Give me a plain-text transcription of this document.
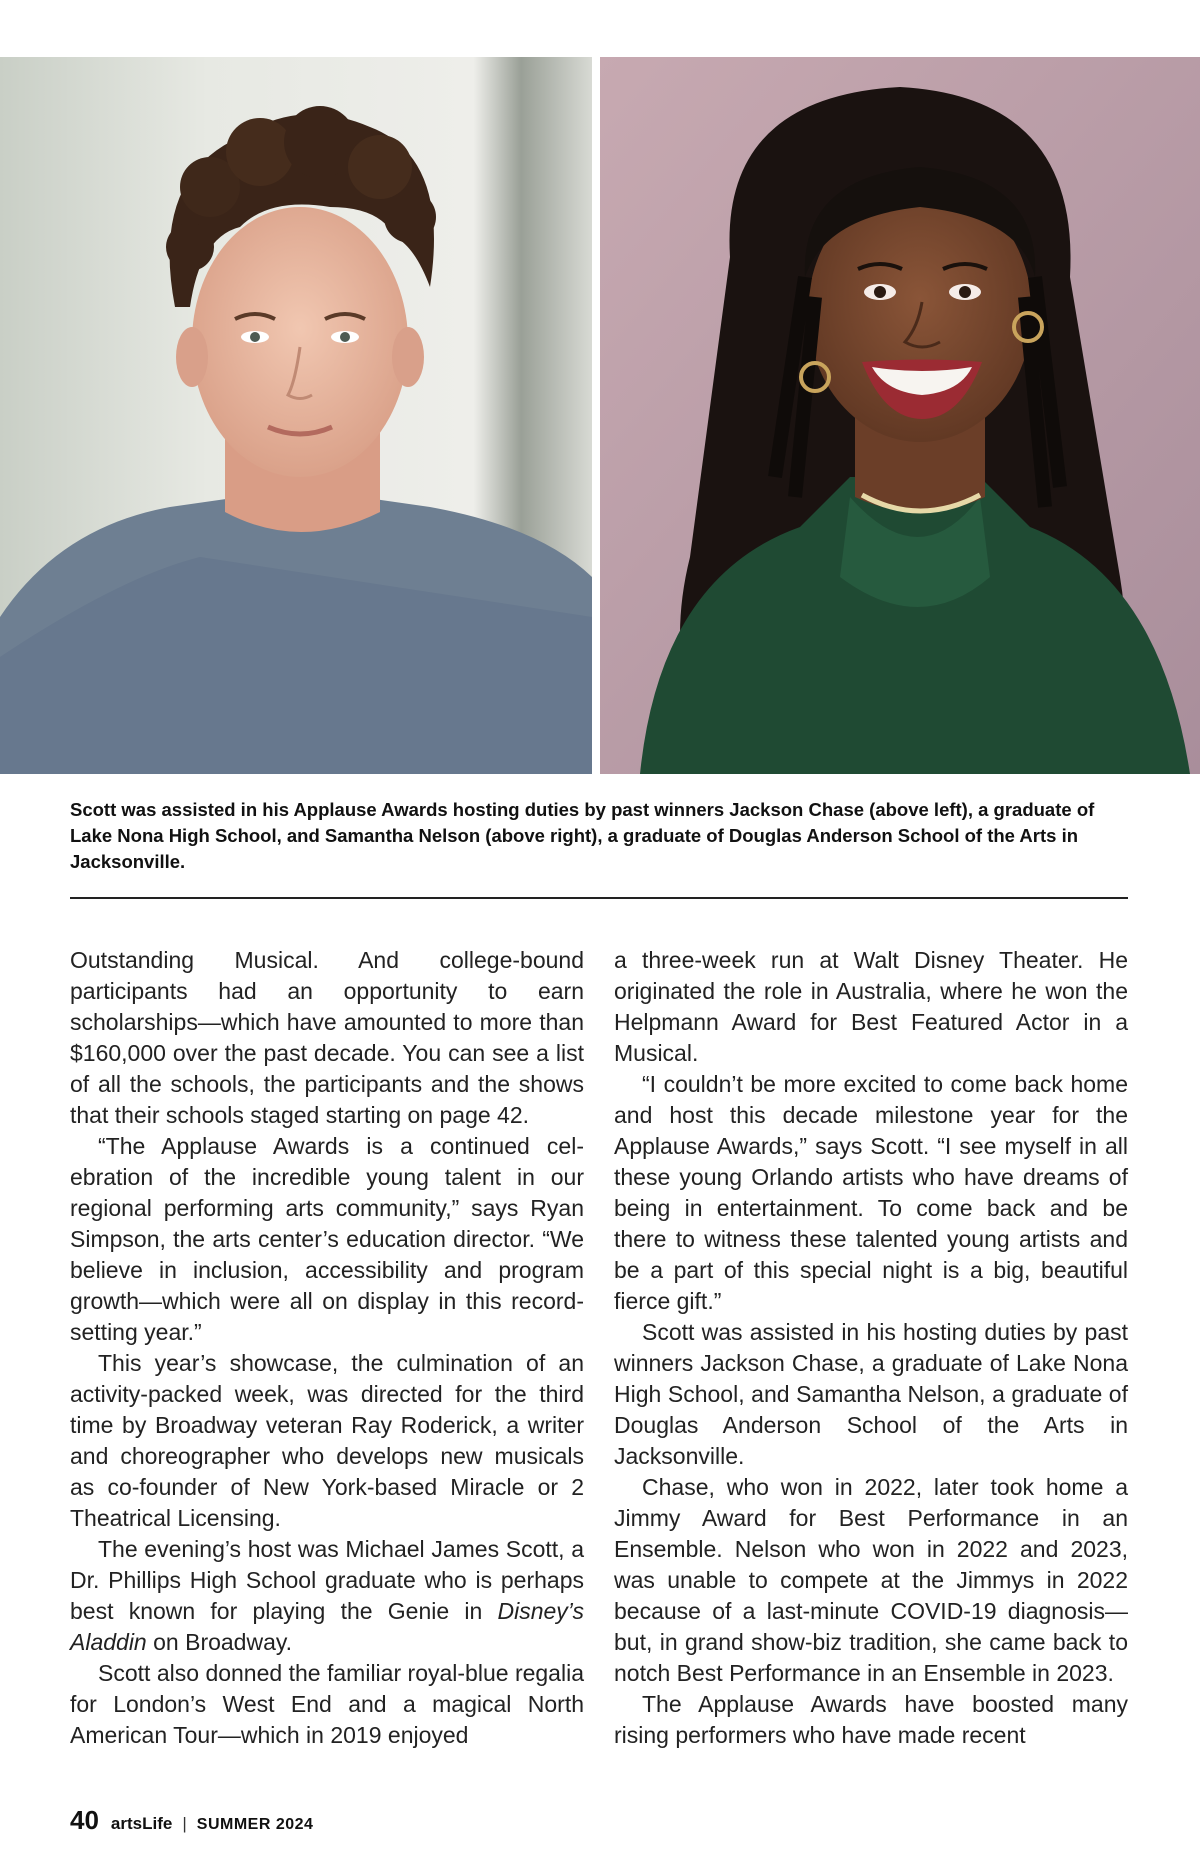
Scott was assisted in his Applause Awards hosting duties by past winners Jackson Chase (above left), a graduate of Lake Nona High School, and Samantha Nelson (above right), a graduate of Douglas Anderson School of the Arts in Jacksonville.

Outstanding Musical. And college-bound participants had an opportunity to earn scholarships—which have amounted to more than $160,000 over the past decade. You can see a list of all the schools, the participants and the shows that their schools staged starting on page 42.

“The Applause Awards is a continued celebration of the incredible young talent in our regional performing arts community,” says Ryan Simpson, the arts center’s education director. “We believe in inclusion, accessibility and program growth—which were all on display in this record-setting year.”

This year’s showcase, the culmination of an activity-packed week, was directed for the third time by Broadway veteran Ray Roderick, a writer and choreographer who develops new musicals as co-founder of New York-based Miracle or 2 Theatrical Licensing.

The evening’s host was Michael James Scott, a Dr. Phillips High School graduate who is perhaps best known for playing the Genie in Disney’s Aladdin on Broadway.

Scott also donned the familiar royal-blue regalia for London’s West End and a magical North American Tour—which in 2019 enjoyed

a three-week run at Walt Disney Theater. He originated the role in Australia, where he won the Helpmann Award for Best Featured Actor in a Musical.

“I couldn’t be more excited to come back home and host this decade milestone year for the Applause Awards,” says Scott. “I see myself in all these young Orlando artists who have dreams of being in entertainment. To come back and be there to witness these talented young artists and be a part of this special night is a big, beautiful fierce gift.”

Scott was assisted in his hosting duties by past winners Jackson Chase, a graduate of Lake Nona High School, and Samantha Nelson, a graduate of Douglas Anderson School of the Arts in Jacksonville.

Chase, who won in 2022, later took home a Jimmy Award for Best Performance in an Ensemble. Nelson who won in 2022 and 2023, was unable to compete at the Jimmys in 2022 because of a last-minute COVID-19 diagnosis—but, in grand show-biz tradition, she came back to notch Best Performance in an Ensemble in 2023.

The Applause Awards have boosted many rising performers who have made recent

40 artsLife | SUMMER 2024
